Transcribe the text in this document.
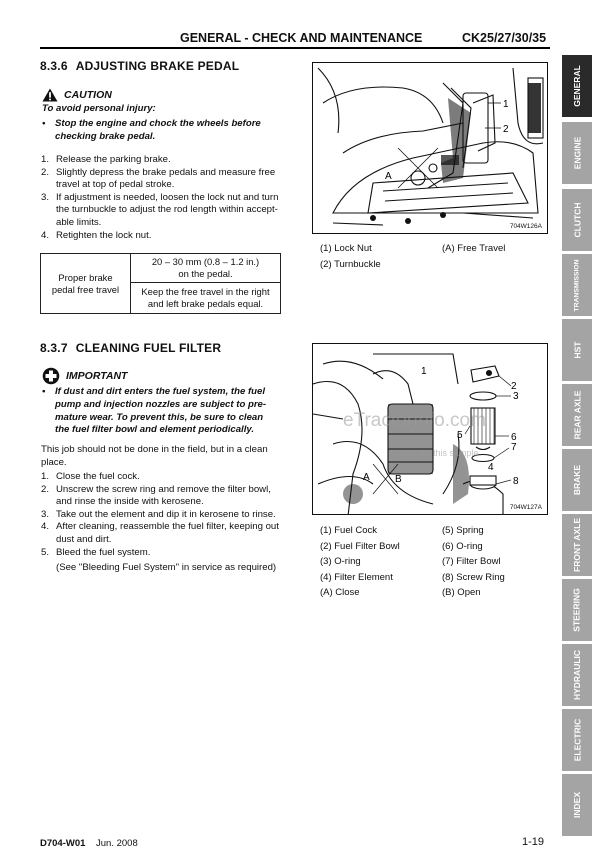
GENERAL - CHECK AND MAINTENANCE	CK25/27/30/35
8.3.6 ADJUSTING BRAKE PEDAL
CAUTION
To avoid personal injury:
• Stop the engine and chock the wheels before
checking brake pedal.
1. Release the parking brake.
2. Slightly depress the brake pedals and measure free
travel at top of pedal stroke.
3. If adjustment is needed, loosen the lock nut and turn
the turnbuckle to adjust the rod length within accept-
able limits.
4. Retighten the lock nut.
Proper brake
pedal free travel

20 – 30 mm (0.8 – 1.2 in.)
on the pedal.

Keep the free travel in the right
and left brake pedals equal.
1
2
A
704W126A
(1) Lock Nut	(A) Free Travel
(2) Turnbuckle
8.3.7 CLEANING FUEL FILTER
IMPORTANT
• If dust and dirt enters the fuel system, the fuel
pump and injection nozzles are subject to pre-
mature wear. To prevent this, be sure to clean
the fuel filter bowl and element periodically.
This job should not be done in the field, but in a clean
place.
1. Close the fuel cock.
2. Unscrew the screw ring and remove the filter bowl,
and rinse the inside with kerosene.
3. Take out the element and dip it in kerosene to rinse.
4. After cleaning, reassemble the fuel filter, keeping out
dust and dirt.
5. Bleed the fuel system.
(See "Bleeding Fuel System" in service as required)
2
3
5	6
7
8
1
4
A	B
eTractorInfo.com
only for this sample
704W127A
(1) Fuel Cock	(5) Spring
(2) Fuel Filter Bowl	(6) O-ring
(3) O-ring	(7) Filter Bowl
(4) Filter Element	(8) Screw Ring
(A) Close	(B) Open
GENERAL
ENGINE
CLUTCH
TRANSMISSION
HST
REAR AXLE
BRAKE
FRONT AXLE
STEERING
HYDRAULIC
ELECTRIC
INDEX
D704-W01 Jun. 2008	1-19
